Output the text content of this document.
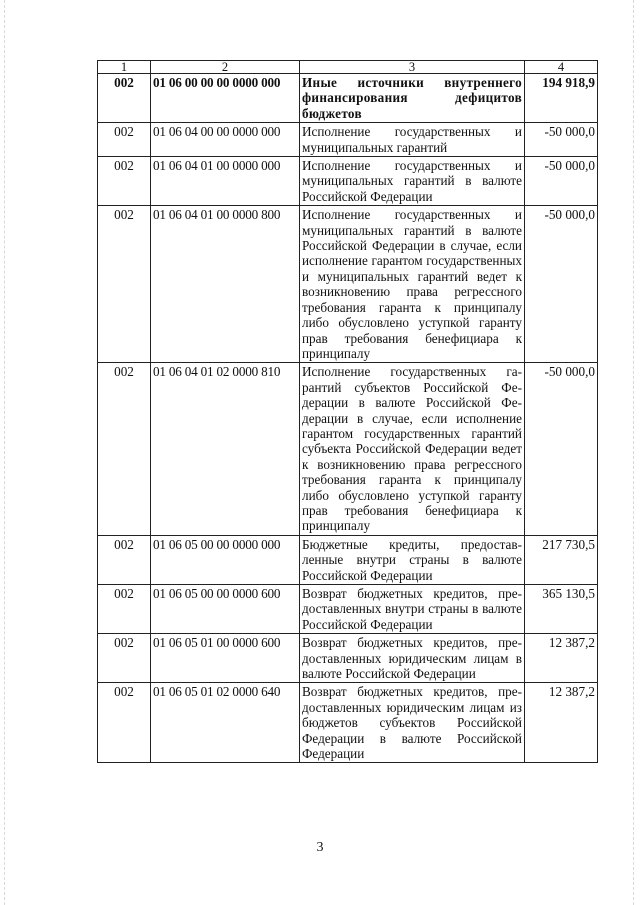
1	2	3	4
002	01 06 00 00 00 0000 000	Иные источники внутреннего финансирования дефицитов бюджетов	194 918,9
002	01 06 04 00 00 0000 000	Исполнение государственных и муниципальных гарантий	-50 000,0
002	01 06 04 01 00 0000 000	Исполнение государственных и муниципальных гарантий в валюте Российской Федерации	-50 000,0
002	01 06 04 01 00 0000 800	Исполнение государственных и муниципальных гарантий в валюте Российской Федерации в случае, если исполнение гарантом государственных и муниципальных гарантий ведет к возникновению права регрессного требования гаранта к принципалу либо обусловлено уступкой гаранту прав требования бенефициара к принципалу	-50 000,0
002	01 06 04 01 02 0000 810	Исполнение государственных гарантий субъектов Российской Федерации в валюте Российской Федерации в случае, если исполнение гарантом государственных гарантий субъекта Российской Федерации ведет к возникновению права регрессного требования гаранта к принципалу либо обусловлено уступкой гаранту прав требования бенефициара к принципалу	-50 000,0
002	01 06 05 00 00 0000 000	Бюджетные кредиты, предоставленные внутри страны в валюте Российской Федерации	217 730,5
002	01 06 05 00 00 0000 600	Возврат бюджетных кредитов, предоставленных внутри страны в валюте Российской Федерации	365 130,5
002	01 06 05 01 00 0000 600	Возврат бюджетных кредитов, предоставленных юридическим лицам в валюте Российской Федерации	12 387,2
002	01 06 05 01 02 0000 640	Возврат бюджетных кредитов, предоставленных юридическим лицам из бюджетов субъектов Российской Федерации в валюте Российской Федерации	12 387,2
3
